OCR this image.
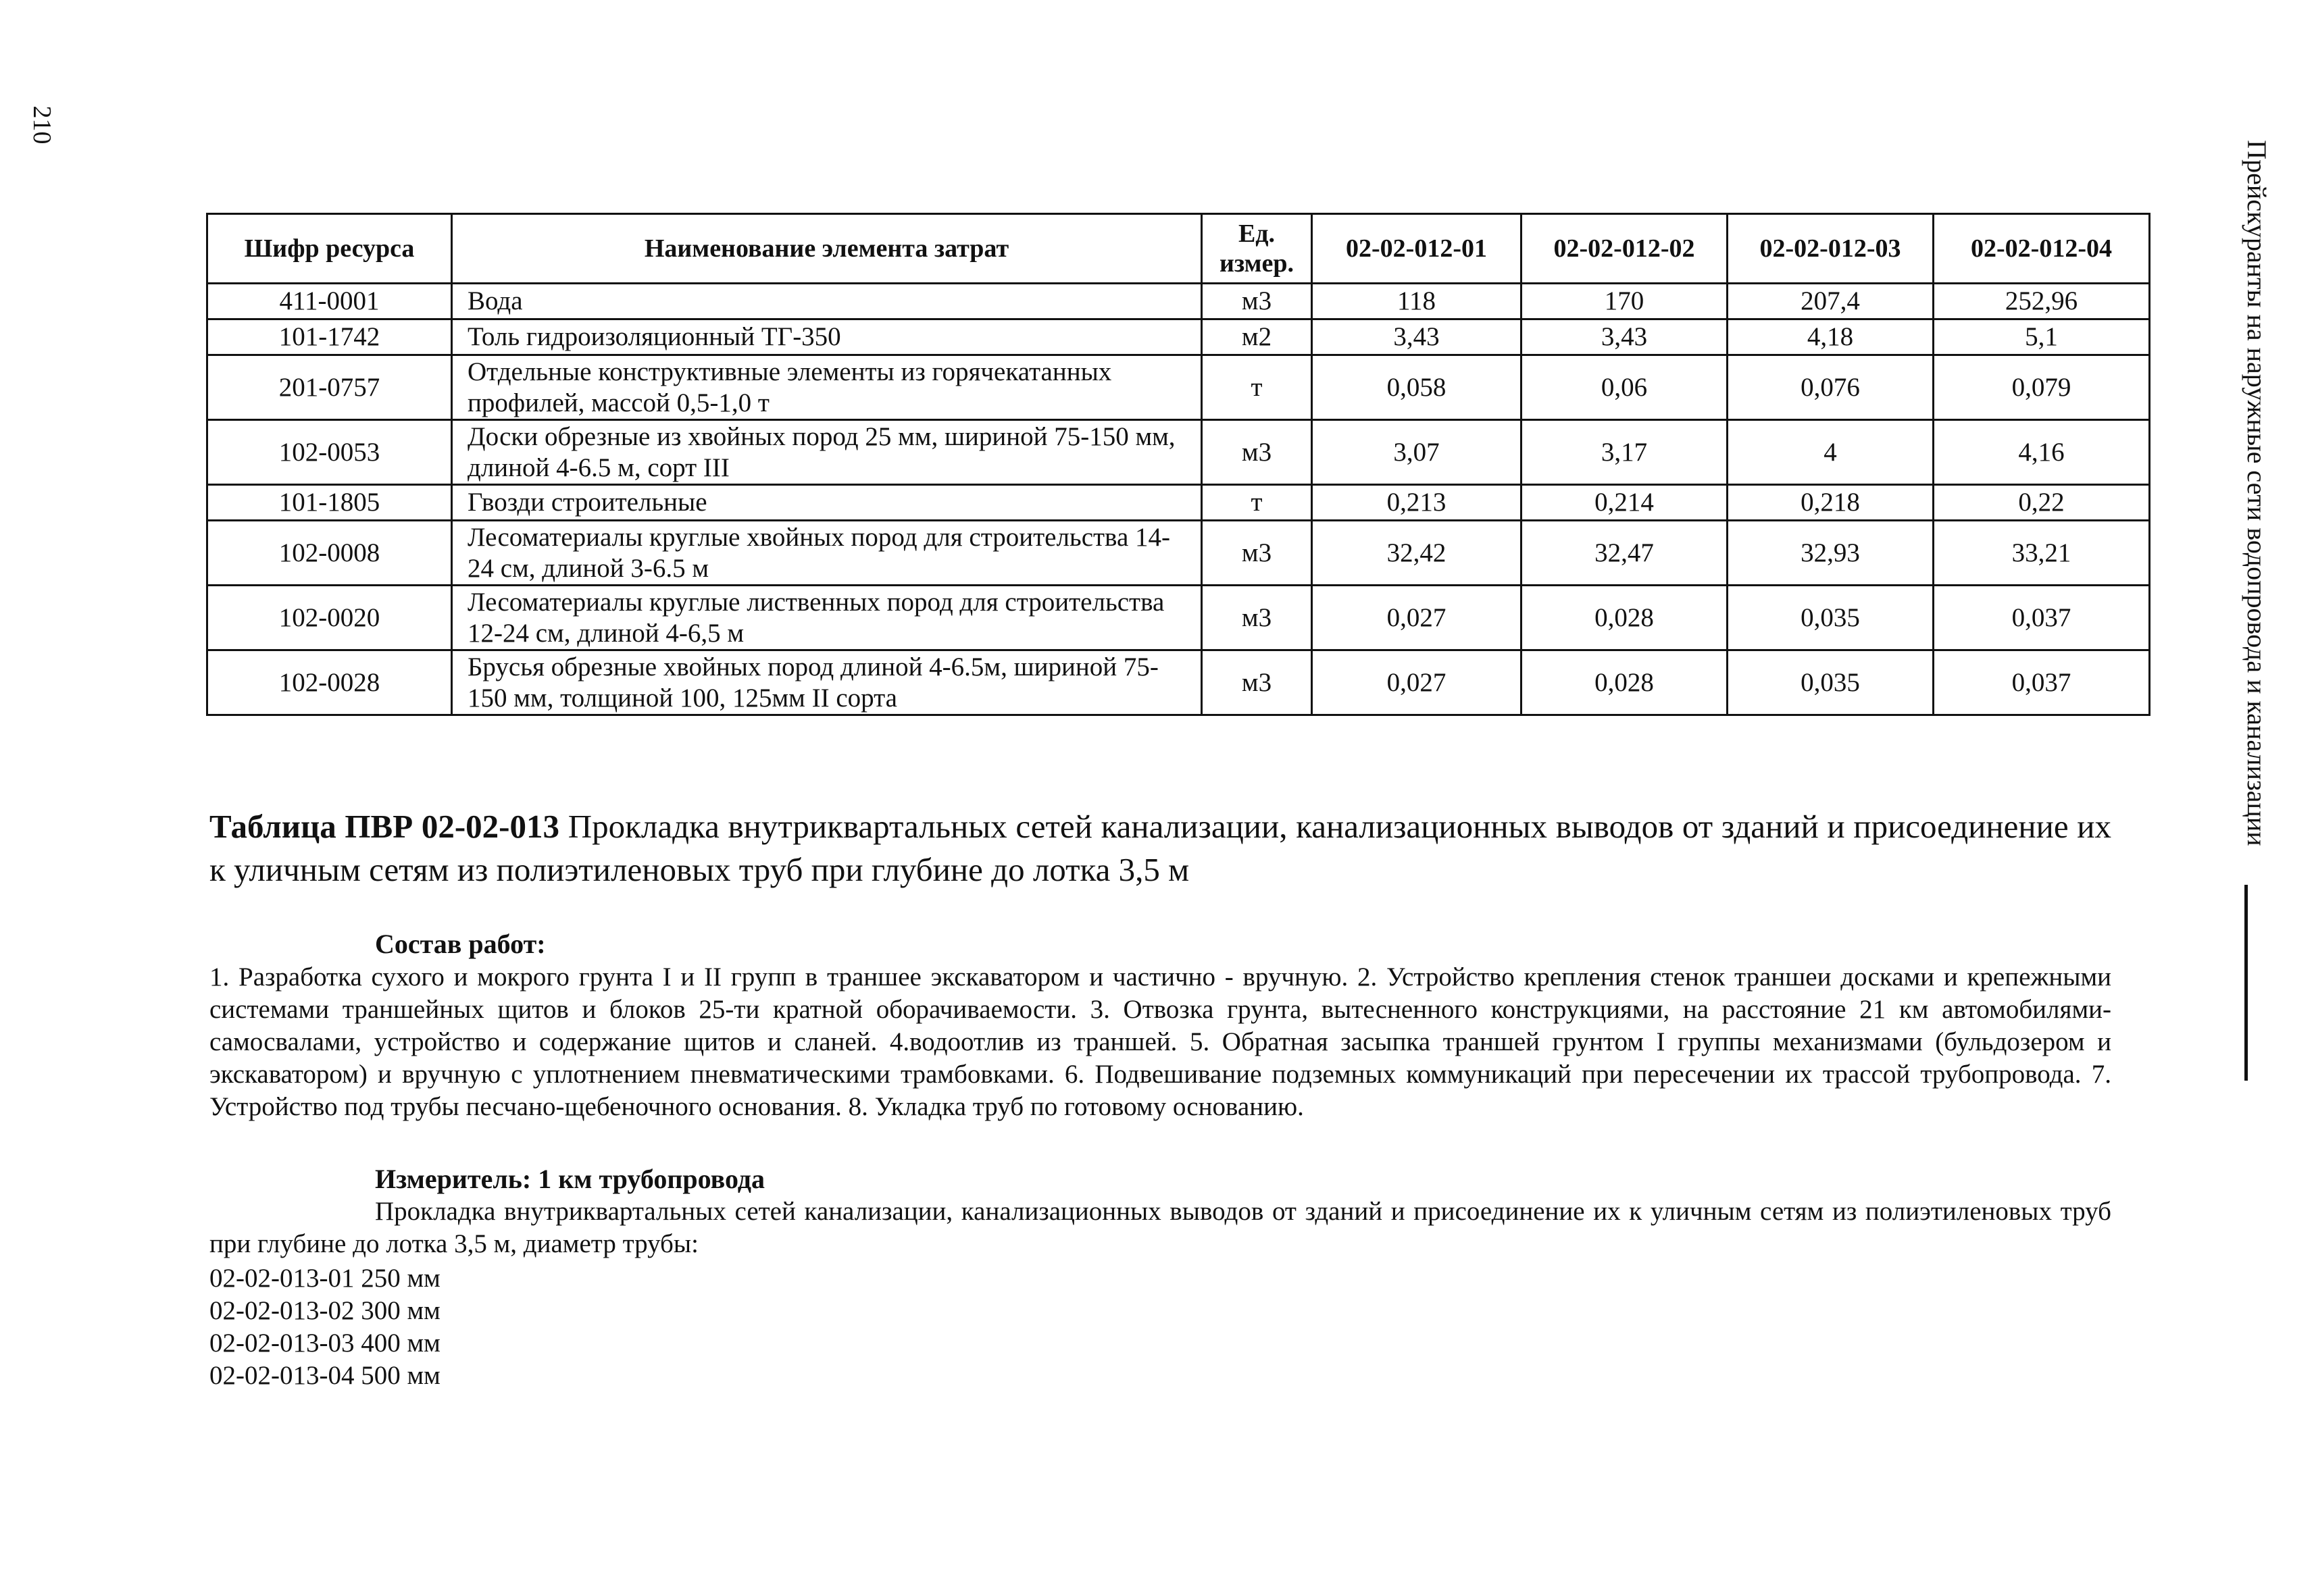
210
Прейскуранты на наружные сети водопровода и канализации
Шифр ресурса	Наименование элемента затрат	Ед. измер.	02-02-012-01	02-02-012-02	02-02-012-03	02-02-012-04
411-0001	Вода	м3	118	170	207,4	252,96
101-1742	Толь гидроизоляционный ТГ-350	м2	3,43	3,43	4,18	5,1
201-0757	Отдельные конструктивные элементы из горячекатанных профилей, массой 0,5-1,0 т	т	0,058	0,06	0,076	0,079
102-0053	Доски обрезные из хвойных пород 25 мм, шириной 75-150 мм, длиной 4-6.5 м, сорт III	м3	3,07	3,17	4	4,16
101-1805	Гвозди строительные	т	0,213	0,214	0,218	0,22
102-0008	Лесоматериалы круглые хвойных пород для строительства 14-24 см, длиной 3-6.5 м	м3	32,42	32,47	32,93	33,21
102-0020	Лесоматериалы круглые лиственных пород для строительства 12-24 см, длиной 4-6,5 м	м3	0,027	0,028	0,035	0,037
102-0028	Брусья обрезные хвойных пород длиной 4-6.5м, шириной 75-150 мм, толщиной 100, 125мм II сорта	м3	0,027	0,028	0,035	0,037
Таблица ПВР 02-02-013 Прокладка внутриквартальных сетей канализации, канализационных выводов от зданий и присоединение их к уличным сетям из полиэтиленовых труб при глубине до лотка 3,5 м
Состав работ:
1. Разработка сухого и мокрого грунта I и II групп в траншее экскаватором и частично - вручную. 2. Устройство крепления стенок траншеи досками и крепежными системами траншейных щитов и блоков 25-ти кратной оборачиваемости. 3. Отвозка грунта, вытесненного конструкциями, на расстояние 21 км автомобилями-самосвалами, устройство и содержание щитов и сланей. 4.водоотлив из траншей. 5. Обратная засыпка траншей грунтом I группы механизмами (бульдозером и экскаватором) и вручную с уплотнением пневматическими трамбовками. 6. Подвешивание подземных коммуникаций при пересечении их трассой трубопровода. 7. Устройство под трубы песчано-щебеночного основания. 8. Укладка труб по готовому основанию.
Измеритель: 1 км трубопровода
Прокладка внутриквартальных сетей канализации, канализационных выводов от зданий и присоединение их к уличным сетям из полиэтиленовых труб при глубине до лотка 3,5 м, диаметр трубы:
02-02-013-01 250 мм
02-02-013-02 300 мм
02-02-013-03 400 мм
02-02-013-04 500 мм
